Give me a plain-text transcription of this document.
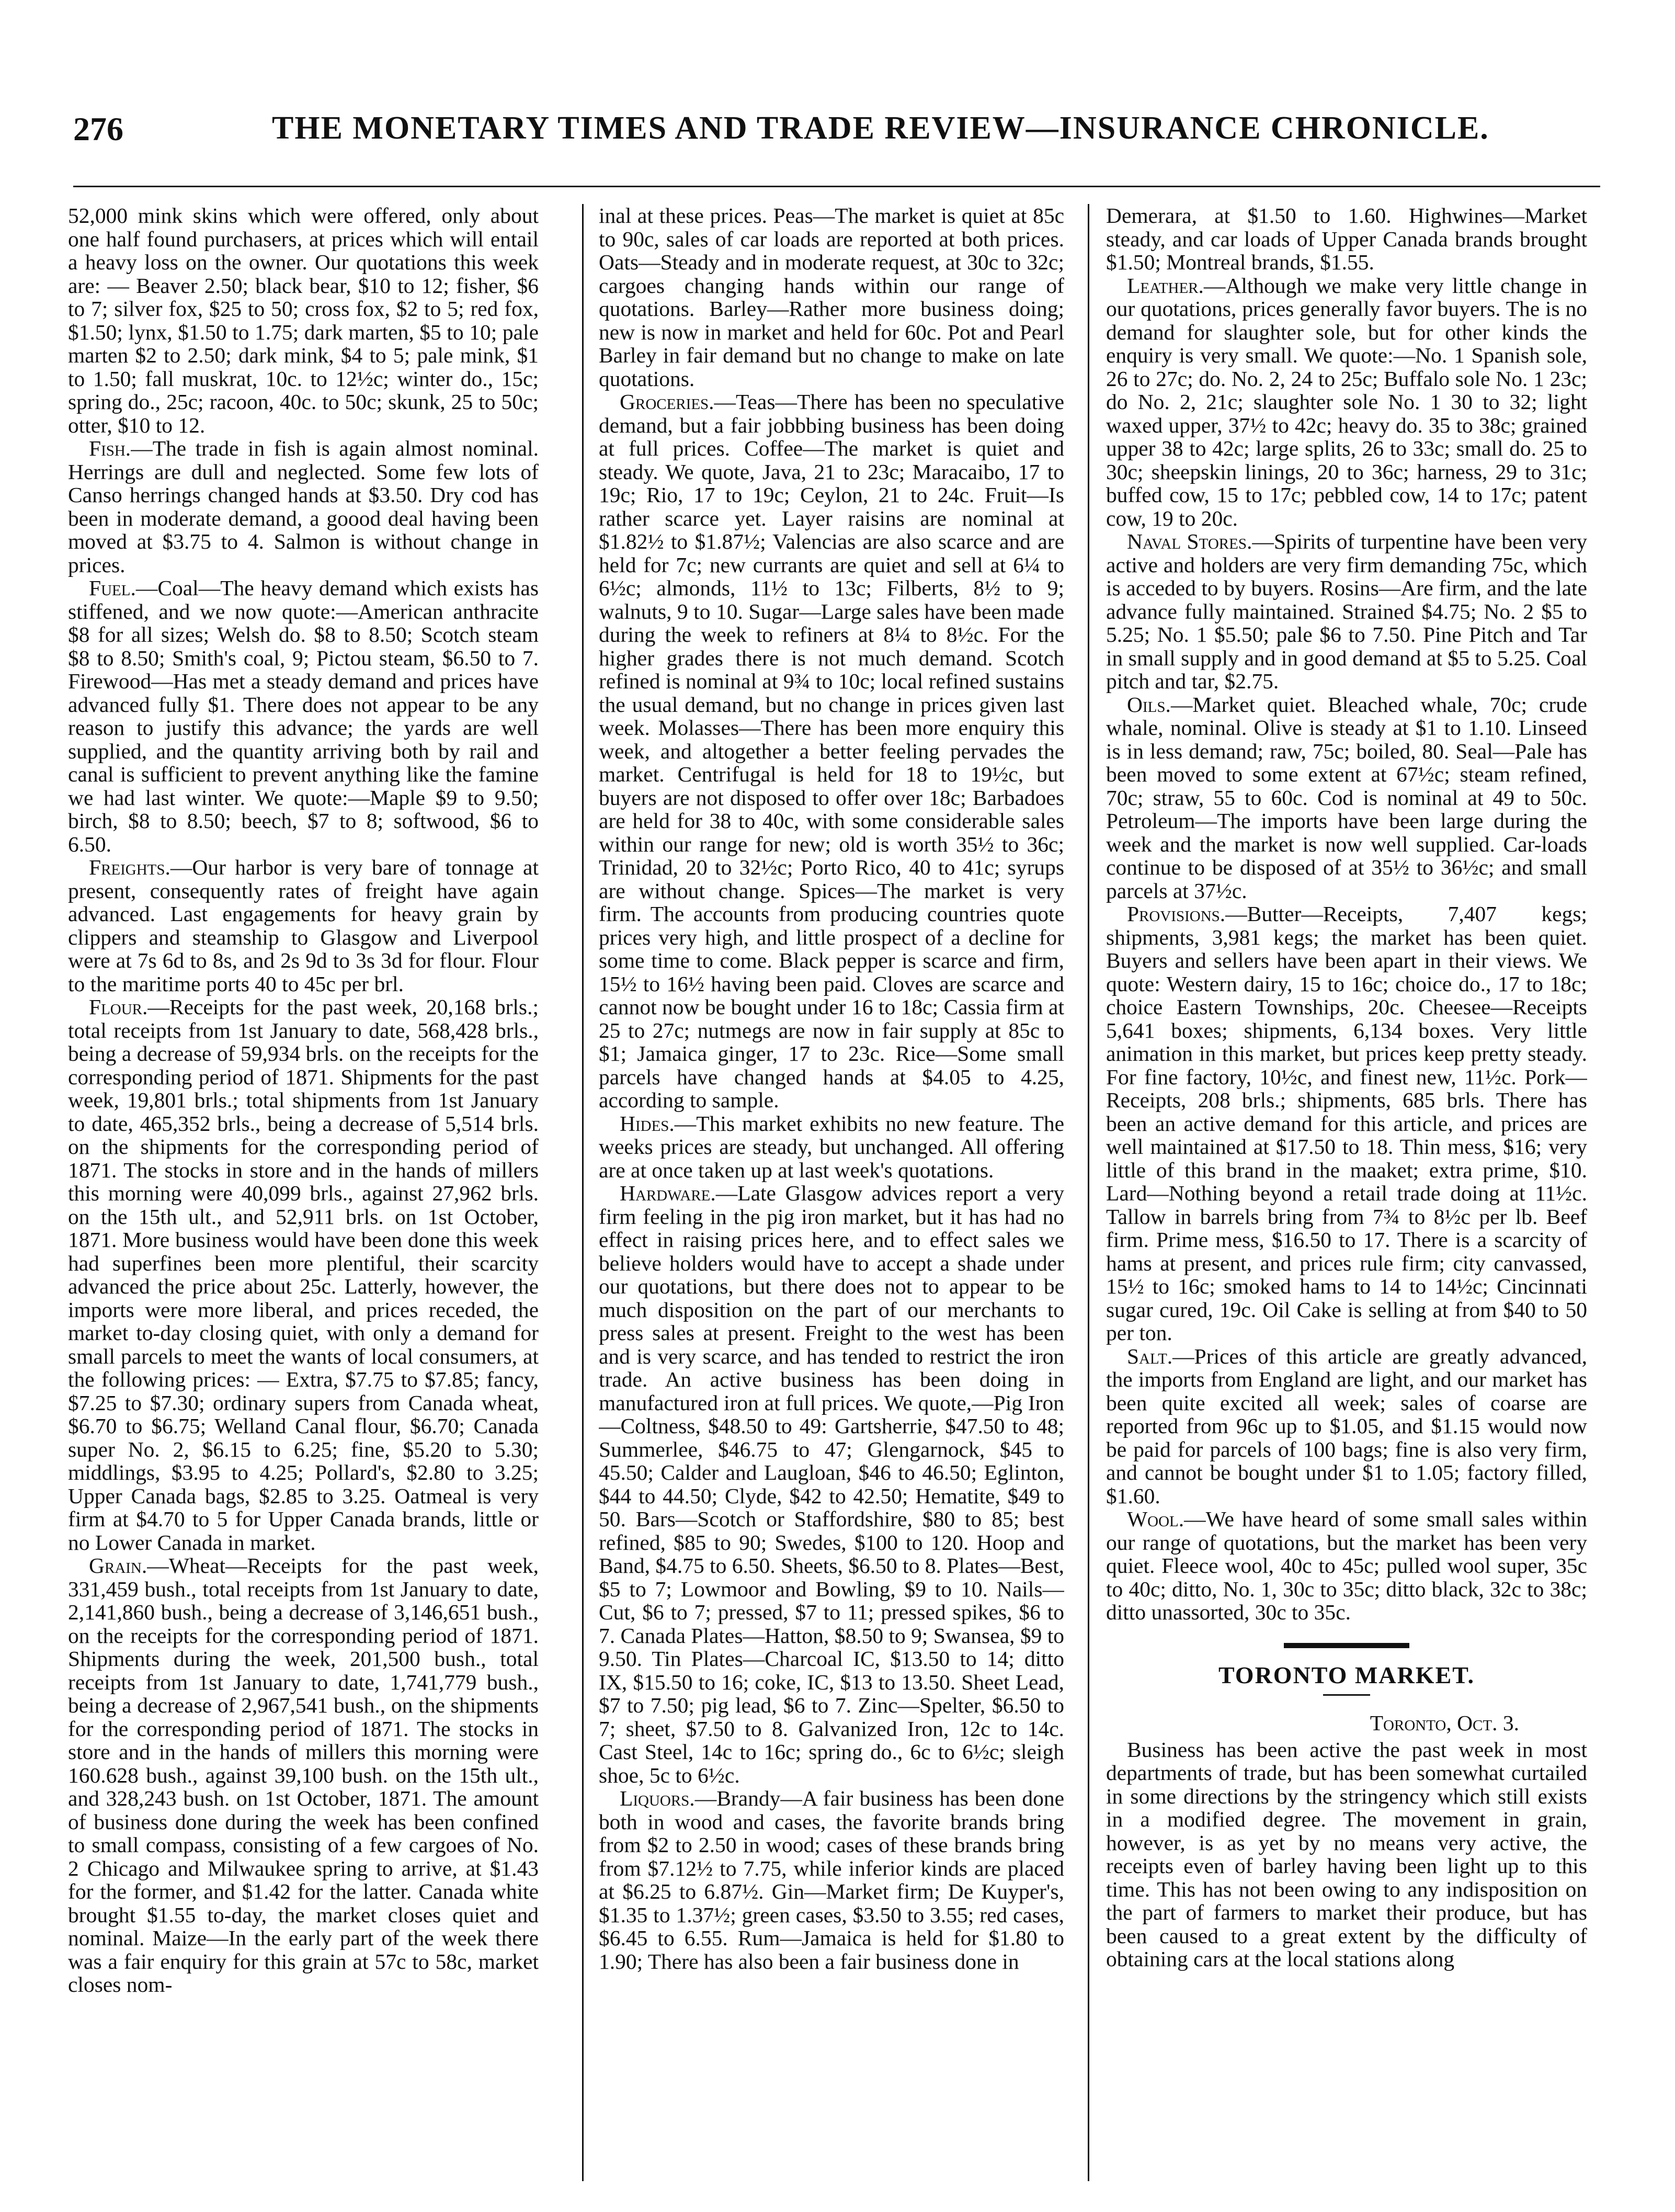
276	THE MONETARY TIMES AND TRADE REVIEW—INSURANCE CHRONICLE.

52,000 mink skins which were offered, only about one half found purchasers, at prices which will entail a heavy loss on the owner. Our quotations this week are: — Beaver 2.50; black bear, $10 to 12; fisher, $6 to 7; silver fox, $25 to 50; cross fox, $2 to 5; red fox, $1.50; lynx, $1.50 to 1.75; dark marten, $5 to 10; pale marten $2 to 2.50; dark mink, $4 to 5; pale mink, $1 to 1.50; fall muskrat, 10c. to 12½c; winter do., 15c; spring do., 25c; racoon, 40c. to 50c; skunk, 25 to 50c; otter, $10 to 12.

Fish.—The trade in fish is again almost nominal. Herrings are dull and neglected. Some few lots of Canso herrings changed hands at $3.50. Dry cod has been in moderate demand, a goood deal having been moved at $3.75 to 4. Salmon is without change in prices.

Fuel.—Coal—The heavy demand which exists has stiffened, and we now quote:—American anthracite $8 for all sizes; Welsh do. $8 to 8.50; Scotch steam $8 to 8.50; Smith's coal, 9; Pictou steam, $6.50 to 7. Firewood—Has met a steady demand and prices have advanced fully $1. There does not appear to be any reason to justify this advance; the yards are well supplied, and the quantity arriving both by rail and canal is sufficient to prevent anything like the famine we had last winter. We quote:—Maple $9 to 9.50; birch, $8 to 8.50; beech, $7 to 8; softwood, $6 to 6.50.

Freights.—Our harbor is very bare of tonnage at present, consequently rates of freight have again advanced. Last engagements for heavy grain by clippers and steamship to Glasgow and Liverpool were at 7s 6d to 8s, and 2s 9d to 3s 3d for flour. Flour to the maritime ports 40 to 45c per brl.

Flour.—Receipts for the past week, 20,168 brls.; total receipts from 1st January to date, 568,428 brls., being a decrease of 59,934 brls. on the receipts for the corresponding period of 1871. Shipments for the past week, 19,801 brls.; total shipments from 1st January to date, 465,352 brls., being a decrease of 5,514 brls. on the shipments for the corresponding period of 1871. The stocks in store and in the hands of millers this morning were 40,099 brls., against 27,962 brls. on the 15th ult., and 52,911 brls. on 1st October, 1871. More business would have been done this week had superfines been more plentiful, their scarcity advanced the price about 25c. Latterly, however, the imports were more liberal, and prices receded, the market to-day closing quiet, with only a demand for small parcels to meet the wants of local consumers, at the following prices: — Extra, $7.75 to $7.85; fancy, $7.25 to $7.30; ordinary supers from Canada wheat, $6.70 to $6.75; Welland Canal flour, $6.70; Canada super No. 2, $6.15 to 6.25; fine, $5.20 to 5.30; middlings, $3.95 to 4.25; Pollard's, $2.80 to 3.25; Upper Canada bags, $2.85 to 3.25. Oatmeal is very firm at $4.70 to 5 for Upper Canada brands, little or no Lower Canada in market.

Grain.—Wheat—Receipts for the past week, 331,459 bush., total receipts from 1st January to date, 2,141,860 bush., being a decrease of 3,146,651 bush., on the receipts for the corresponding period of 1871. Shipments during the week, 201,500 bush., total receipts from 1st January to date, 1,741,779 bush., being a decrease of 2,967,541 bush., on the shipments for the corresponding period of 1871. The stocks in store and in the hands of millers this morning were 160.628 bush., against 39,100 bush. on the 15th ult., and 328,243 bush. on 1st October, 1871. The amount of business done during the week has been confined to small compass, consisting of a few cargoes of No. 2 Chicago and Milwaukee spring to arrive, at $1.43 for the former, and $1.42 for the latter. Canada white brought $1.55 to-day, the market closes quiet and nominal. Maize—In the early part of the week there was a fair enquiry for this grain at 57c to 58c, market closes nom-

inal at these prices. Peas—The market is quiet at 85c to 90c, sales of car loads are reported at both prices. Oats—Steady and in moderate request, at 30c to 32c; cargoes changing hands within our range of quotations. Barley—Rather more business doing; new is now in market and held for 60c. Pot and Pearl Barley in fair demand but no change to make on late quotations.

Groceries.—Teas—There has been no speculative demand, but a fair jobbbing business has been doing at full prices. Coffee—The market is quiet and steady. We quote, Java, 21 to 23c; Maracaibo, 17 to 19c; Rio, 17 to 19c; Ceylon, 21 to 24c. Fruit—Is rather scarce yet. Layer raisins are nominal at $1.82½ to $1.87½; Valencias are also scarce and are held for 7c; new currants are quiet and sell at 6¼ to 6½c; almonds, 11½ to 13c; Filberts, 8½ to 9; walnuts, 9 to 10. Sugar—Large sales have been made during the week to refiners at 8¼ to 8½c. For the higher grades there is not much demand. Scotch refined is nominal at 9¾ to 10c; local refined sustains the usual demand, but no change in prices given last week. Molasses—There has been more enquiry this week, and altogether a better feeling pervades the market. Centrifugal is held for 18 to 19½c, but buyers are not disposed to offer over 18c; Barbadoes are held for 38 to 40c, with some considerable sales within our range for new; old is worth 35½ to 36c; Trinidad, 20 to 32½c; Porto Rico, 40 to 41c; syrups are without change. Spices—The market is very firm. The accounts from producing countries quote prices very high, and little prospect of a decline for some time to come. Black pepper is scarce and firm, 15½ to 16½ having been paid. Cloves are scarce and cannot now be bought under 16 to 18c; Cassia firm at 25 to 27c; nutmegs are now in fair supply at 85c to $1; Jamaica ginger, 17 to 23c. Rice—Some small parcels have changed hands at $4.05 to 4.25, according to sample.

Hides.—This market exhibits no new feature. The weeks prices are steady, but unchanged. All offering are at once taken up at last week's quotations.

Hardware.—Late Glasgow advices report a very firm feeling in the pig iron market, but it has had no effect in raising prices here, and to effect sales we believe holders would have to accept a shade under our quotations, but there does not to appear to be much disposition on the part of our merchants to press sales at present. Freight to the west has been and is very scarce, and has tended to restrict the iron trade. An active business has been doing in manufactured iron at full prices. We quote,—Pig Iron—Coltness, $48.50 to 49: Gartsherrie, $47.50 to 48; Summerlee, $46.75 to 47; Glengarnock, $45 to 45.50; Calder and Laugloan, $46 to 46.50; Eglinton, $44 to 44.50; Clyde, $42 to 42.50; Hematite, $49 to 50. Bars—Scotch or Staffordshire, $80 to 85; best refined, $85 to 90; Swedes, $100 to 120. Hoop and Band, $4.75 to 6.50. Sheets, $6.50 to 8. Plates—Best, $5 to 7; Lowmoor and Bowling, $9 to 10. Nails—Cut, $6 to 7; pressed, $7 to 11; pressed spikes, $6 to 7. Canada Plates—Hatton, $8.50 to 9; Swansea, $9 to 9.50. Tin Plates—Charcoal IC, $13.50 to 14; ditto IX, $15.50 to 16; coke, IC, $13 to 13.50. Sheet Lead, $7 to 7.50; pig lead, $6 to 7. Zinc—Spelter, $6.50 to 7; sheet, $7.50 to 8. Galvanized Iron, 12c to 14c. Cast Steel, 14c to 16c; spring do., 6c to 6½c; sleigh shoe, 5c to 6½c.

Liquors.—Brandy—A fair business has been done both in wood and cases, the favorite brands bring from $2 to 2.50 in wood; cases of these brands bring from $7.12½ to 7.75, while inferior kinds are placed at $6.25 to 6.87½. Gin—Market firm; De Kuyper's, $1.35 to 1.37½; green cases, $3.50 to 3.55; red cases, $6.45 to 6.55. Rum—Jamaica is held for $1.80 to 1.90; There has also been a fair business done in

Demerara, at $1.50 to 1.60. Highwines—Market steady, and car loads of Upper Canada brands brought $1.50; Montreal brands, $1.55.

Leather.—Although we make very little change in our quotations, prices generally favor buyers. The is no demand for slaughter sole, but for other kinds the enquiry is very small. We quote:—No. 1 Spanish sole, 26 to 27c; do. No. 2, 24 to 25c; Buffalo sole No. 1 23c; do No. 2, 21c; slaughter sole No. 1 30 to 32; light waxed upper, 37½ to 42c; heavy do. 35 to 38c; grained upper 38 to 42c; large splits, 26 to 33c; small do. 25 to 30c; sheepskin linings, 20 to 36c; harness, 29 to 31c; buffed cow, 15 to 17c; pebbled cow, 14 to 17c; patent cow, 19 to 20c.

Naval Stores.—Spirits of turpentine have been very active and holders are very firm demanding 75c, which is acceded to by buyers. Rosins—Are firm, and the late advance fully maintained. Strained $4.75; No. 2 $5 to 5.25; No. 1 $5.50; pale $6 to 7.50. Pine Pitch and Tar in small supply and in good demand at $5 to 5.25. Coal pitch and tar, $2.75.

Oils.—Market quiet. Bleached whale, 70c; crude whale, nominal. Olive is steady at $1 to 1.10. Linseed is in less demand; raw, 75c; boiled, 80. Seal—Pale has been moved to some extent at 67½c; steam refined, 70c; straw, 55 to 60c. Cod is nominal at 49 to 50c. Petroleum—The imports have been large during the week and the market is now well supplied. Car-loads continue to be disposed of at 35½ to 36½c; and small parcels at 37½c.

Provisions.—Butter—Receipts, 7,407 kegs; shipments, 3,981 kegs; the market has been quiet. Buyers and sellers have been apart in their views. We quote: Western dairy, 15 to 16c; choice do., 17 to 18c; choice Eastern Townships, 20c. Cheesee—Receipts 5,641 boxes; shipments, 6,134 boxes. Very little animation in this market, but prices keep pretty steady. For fine factory, 10½c, and finest new, 11½c. Pork—Receipts, 208 brls.; shipments, 685 brls. There has been an active demand for this article, and prices are well maintained at $17.50 to 18. Thin mess, $16; very little of this brand in the maaket; extra prime, $10. Lard—Nothing beyond a retail trade doing at 11½c. Tallow in barrels bring from 7¾ to 8½c per lb. Beef firm. Prime mess, $16.50 to 17. There is a scarcity of hams at present, and prices rule firm; city canvassed, 15½ to 16c; smoked hams to 14 to 14½c; Cincinnati sugar cured, 19c. Oil Cake is selling at from $40 to 50 per ton.

Salt.—Prices of this article are greatly advanced, the imports from England are light, and our market has been quite excited all week; sales of coarse are reported from 96c up to $1.05, and $1.15 would now be paid for parcels of 100 bags; fine is also very firm, and cannot be bought under $1 to 1.05; factory filled, $1.60.

Wool.—We have heard of some small sales within our range of quotations, but the market has been very quiet. Fleece wool, 40c to 45c; pulled wool super, 35c to 40c; ditto, No. 1, 30c to 35c; ditto black, 32c to 38c; ditto unassorted, 30c to 35c.

TORONTO MARKET.
Toronto, Oct. 3.

Business has been active the past week in most departments of trade, but has been somewhat curtailed in some directions by the stringency which still exists in a modified degree. The movement in grain, however, is as yet by no means very active, the receipts even of barley having been light up to this time. This has not been owing to any indisposition on the part of farmers to market their produce, but has been caused to a great extent by the difficulty of obtaining cars at the local stations along
